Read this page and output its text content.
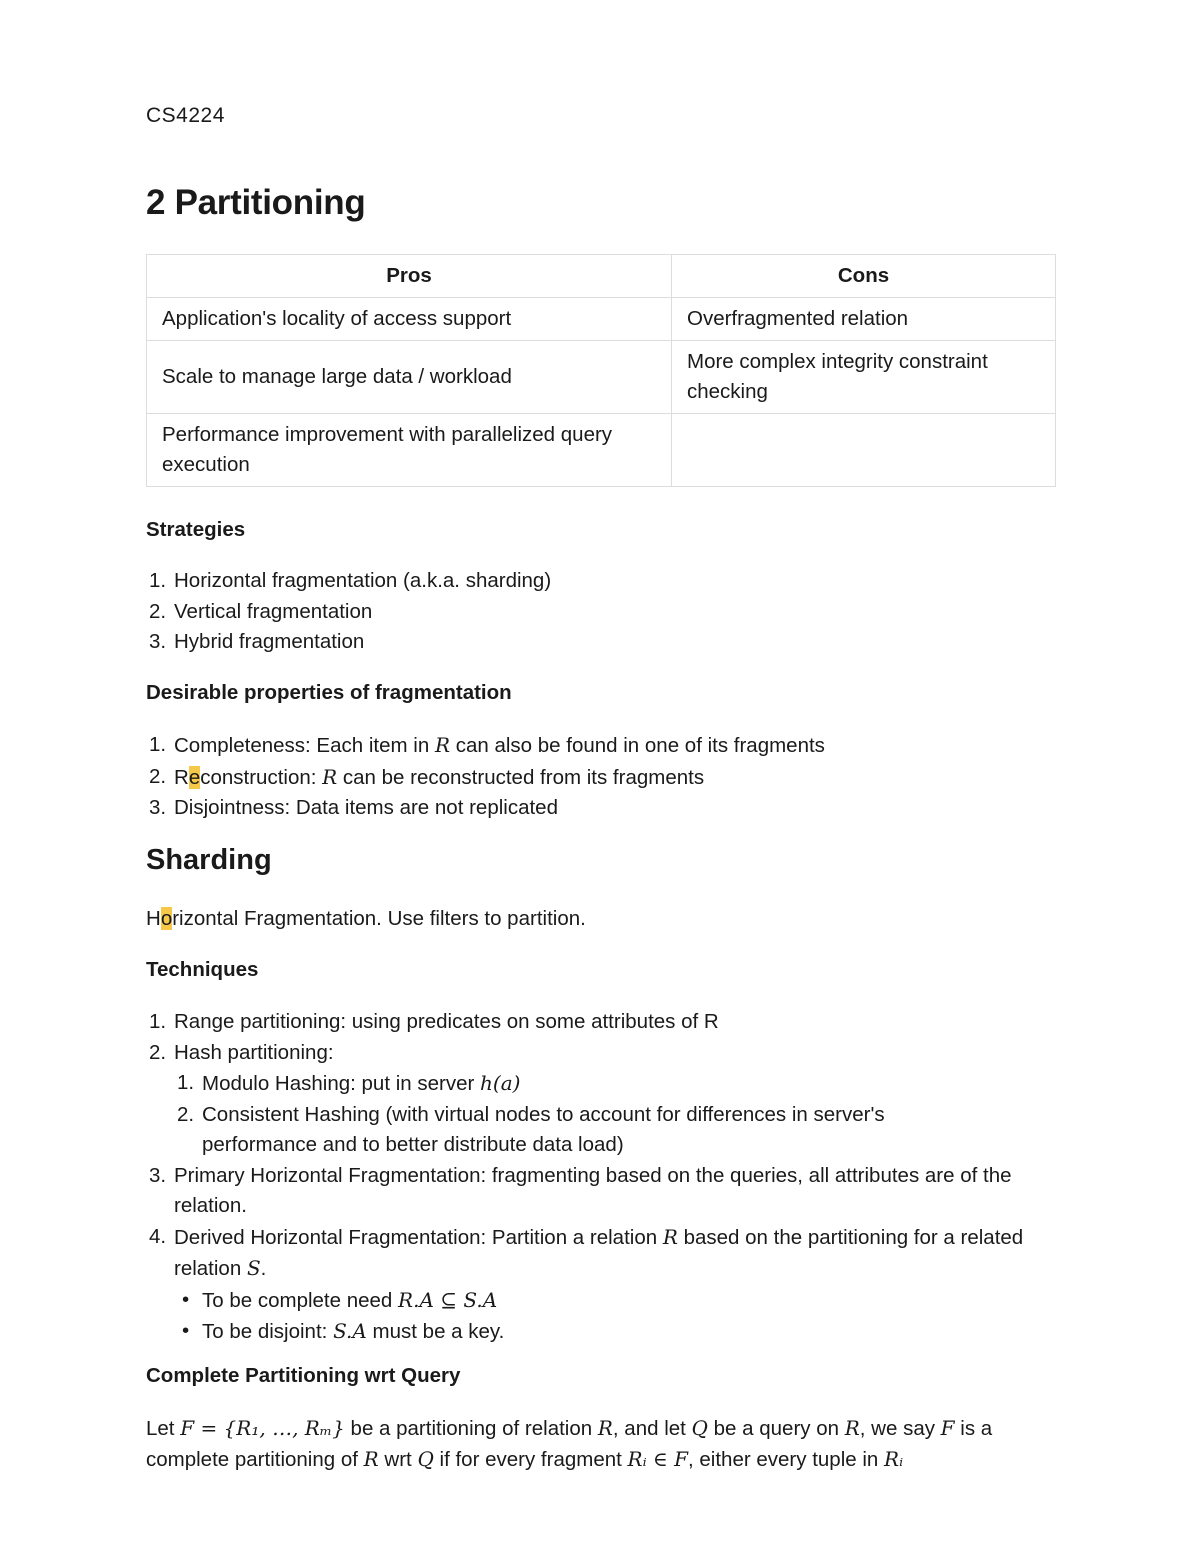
CS4224
2 Partitioning
Pros	Cons
Application's locality of access support	Overfragmented relation
Scale to manage large data / workload	More complex integrity constraint checking
Performance improvement with parallelized query execution	
Strategies
1. Horizontal fragmentation (a.k.a. sharding)
2. Vertical fragmentation
3. Hybrid fragmentation
Desirable properties of fragmentation
1. Completeness: Each item in R can also be found in one of its fragments
2. Reconstruction: R can be reconstructed from its fragments
3. Disjointness: Data items are not replicated
Sharding

Horizontal Fragmentation. Use filters to partition.

Techniques
1. Range partitioning: using predicates on some attributes of R
2. Hash partitioning:
1. Modulo Hashing: put in server h(a)
2. Consistent Hashing (with virtual nodes to account for differences in server's performance and to better distribute data load)
3. Primary Horizontal Fragmentation: fragmenting based on the queries, all attributes are of the relation.
4. Derived Horizontal Fragmentation: Partition a relation R based on the partitioning for a related relation S.
• To be complete need R.A ⊆ S.A
• To be disjoint: S.A must be a key.
Complete Partitioning wrt Query

Let F = {R₁, …, Rₘ} be a partitioning of relation R, and let Q be a query on R, we say F is a complete partitioning of R wrt Q if for every fragment Rᵢ ∈ F, either every tuple in Rᵢ
